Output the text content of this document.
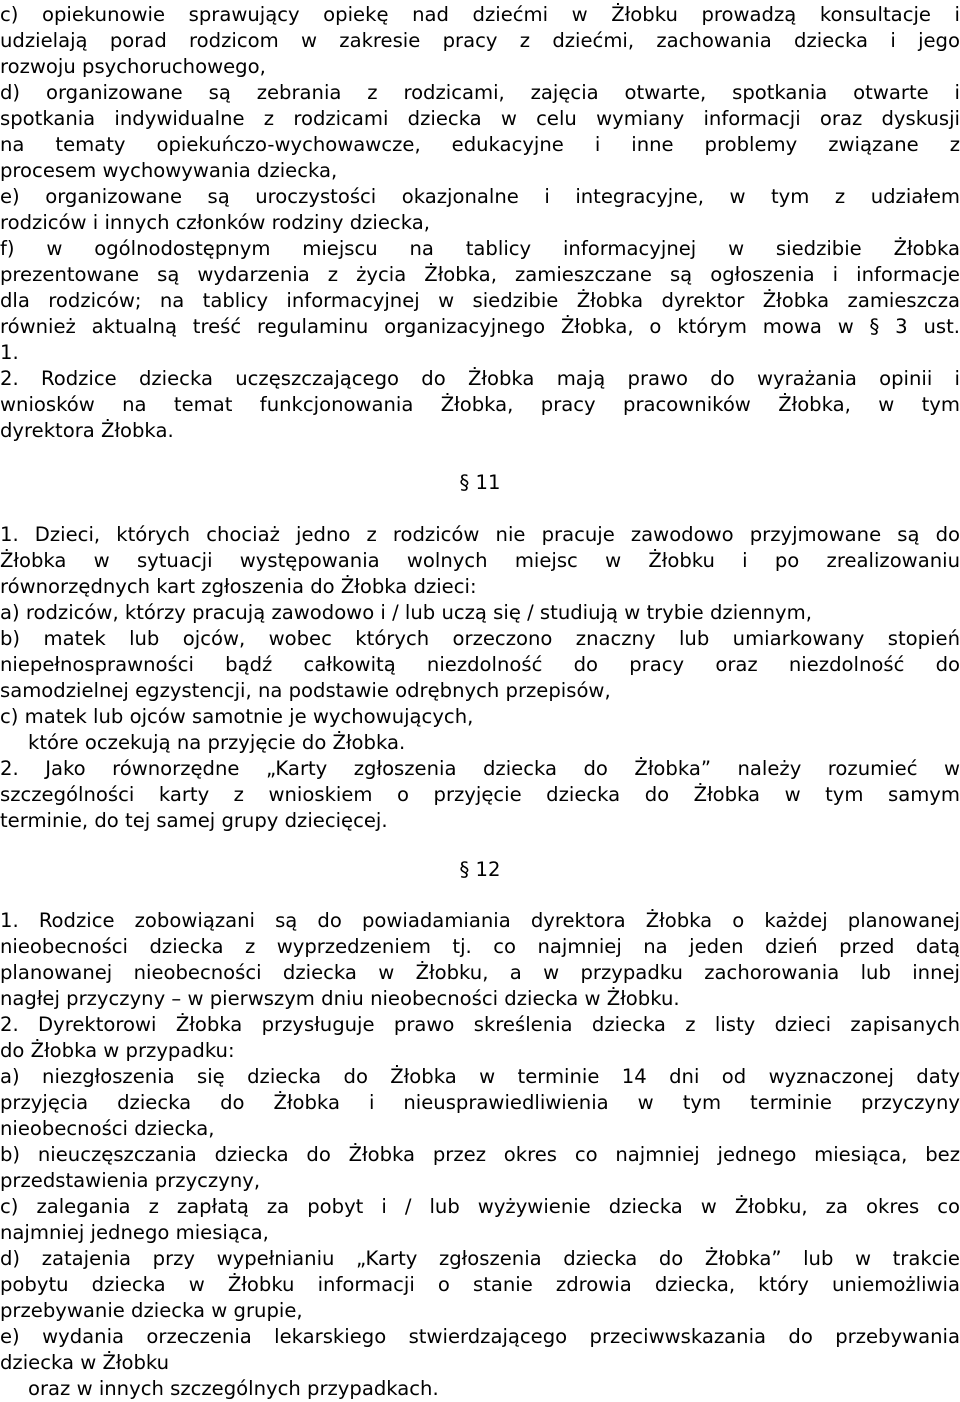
c) opiekunowie sprawujący opiekę nad dziećmi w Żłobku prowadzą konsultacje i
udzielają porad rodzicom w zakresie pracy z dziećmi, zachowania dziecka i jego
rozwoju psychoruchowego,
d) organizowane są zebrania z rodzicami, zajęcia otwarte, spotkania otwarte i
spotkania indywidualne z rodzicami dziecka w celu wymiany informacji oraz dyskusji
na tematy opiekuńczo-wychowawcze, edukacyjne i inne problemy związane z
procesem wychowywania dziecka,
e) organizowane są uroczystości okazjonalne i integracyjne, w tym z udziałem
rodziców i innych członków rodziny dziecka,
f) w ogólnodostępnym miejscu na tablicy informacyjnej w siedzibie Żłobka
prezentowane są wydarzenia z życia Żłobka, zamieszczane są ogłoszenia i informacje
dla rodziców; na tablicy informacyjnej w siedzibie Żłobka dyrektor Żłobka zamieszcza
również aktualną treść regulaminu organizacyjnego Żłobka, o którym mowa w § 3 ust.
1.
2. Rodzice dziecka uczęszczającego do Żłobka mają prawo do wyrażania opinii i
wniosków na temat funkcjonowania Żłobka, pracy pracowników Żłobka, w tym
dyrektora Żłobka.
§ 11
1. Dzieci, których chociaż jedno z rodziców nie pracuje zawodowo przyjmowane są do
Żłobka w sytuacji występowania wolnych miejsc w Żłobku i po zrealizowaniu
równorzędnych kart zgłoszenia do Żłobka dzieci:
a) rodziców, którzy pracują zawodowo i / lub uczą się / studiują w trybie dziennym,
b) matek lub ojców, wobec których orzeczono znaczny lub umiarkowany stopień
niepełnosprawności bądź całkowitą niezdolność do pracy oraz niezdolność do
samodzielnej egzystencji, na podstawie odrębnych przepisów,
c) matek lub ojców samotnie je wychowujących,
które oczekują na przyjęcie do Żłobka.
2. Jako równorzędne „Karty zgłoszenia dziecka do Żłobka” należy rozumieć w
szczególności karty z wnioskiem o przyjęcie dziecka do Żłobka w tym samym
terminie, do tej samej grupy dziecięcej.
§ 12
1. Rodzice zobowiązani są do powiadamiania dyrektora Żłobka o każdej planowanej
nieobecności dziecka z wyprzedzeniem tj. co najmniej na jeden dzień przed datą
planowanej nieobecności dziecka w Żłobku, a w przypadku zachorowania lub innej
nagłej przyczyny – w pierwszym dniu nieobecności dziecka w Żłobku.
2. Dyrektorowi Żłobka przysługuje prawo skreślenia dziecka z listy dzieci zapisanych
do Żłobka w przypadku:
a) niezgłoszenia się dziecka do Żłobka w terminie 14 dni od wyznaczonej daty
przyjęcia dziecka do Żłobka i nieusprawiedliwienia w tym terminie przyczyny
nieobecności dziecka,
b) nieuczęszczania dziecka do Żłobka przez okres co najmniej jednego miesiąca, bez
przedstawienia przyczyny,
c) zalegania z zapłatą za pobyt i / lub wyżywienie dziecka w Żłobku, za okres co
najmniej jednego miesiąca,
d) zatajenia przy wypełnianiu „Karty zgłoszenia dziecka do Żłobka” lub w trakcie
pobytu dziecka w Żłobku informacji o stanie zdrowia dziecka, który uniemożliwia
przebywanie dziecka w grupie,
e) wydania orzeczenia lekarskiego stwierdzającego przeciwwskazania do przebywania
dziecka w Żłobku
oraz w innych szczególnych przypadkach.
